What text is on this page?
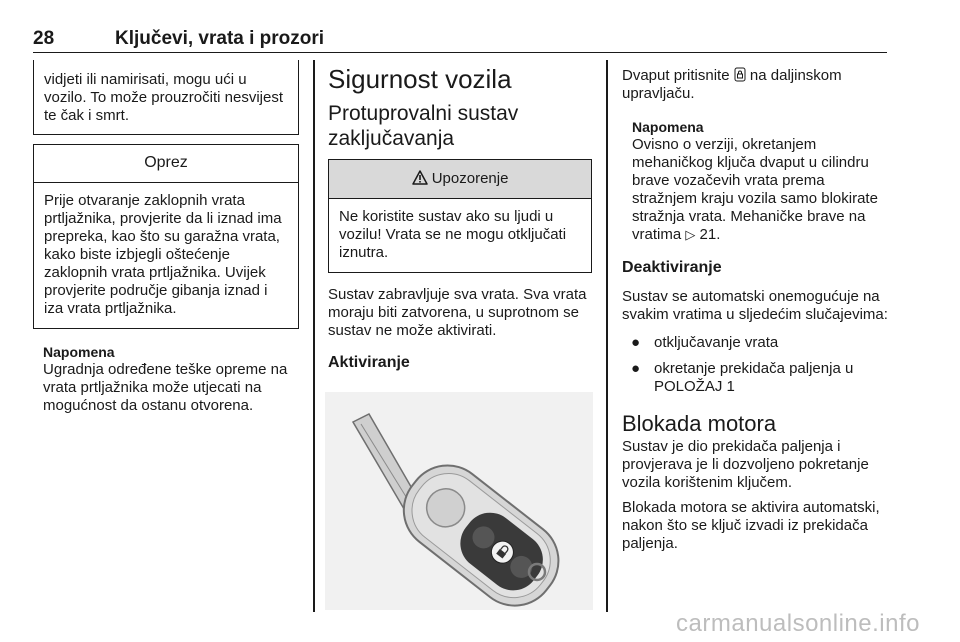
28	Ključevi, vrata i prozori
vidjeti ili namirisati, mogu ući u vozilo. To može prouzročiti nesvijest te čak i smrt.
Oprez
Prije otvaranje zaklopnih vrata prtljažnika, provjerite da li iznad ima prepreka, kao što su garažna vrata, kako biste izbjegli oštećenje zaklopnih vrata prtljažnika. Uvijek provjerite područje gibanja iznad i iza vrata prtljažnika.
Napomena
Ugradnja određene teške opreme na vrata prtljažnika može utjecati na mogućnost da ostanu otvorena.
Sigurnost vozila
Protuprovalni sustav
zaključavanja
Upozorenje
Ne koristite sustav ako su ljudi u vozilu! Vrata se ne mogu otključati iznutra.

Sustav zabravljuje sva vrata. Sva vrata moraju biti zatvorena, u suprotnom se sustav ne može aktivirati.

Aktiviranje

Dvaput pritisnite na daljinskom upravljaču.

Napomena
Ovisno o verziji, okretanjem mehaničkog ključa dvaput u cilindru brave vozačevih vrata prema stražnjem kraju vozila samo blokirate stražnja vrata. Mehaničke brave na vratima ▷ 21.
Deaktiviranje

Sustav se automatski onemogućuje na svakim vratima u sljedećim slučajevima:

● otključavanje vrata
● okretanje prekidača paljenja u POLOŽAJ 1
Blokada motora

Sustav je dio prekidača paljenja i provjerava je li dozvoljeno pokretanje vozila korištenim ključem.

Blokada motora se aktivira automatski, nakon što se ključ izvadi iz prekidača paljenja.

carmanualsonline.info
